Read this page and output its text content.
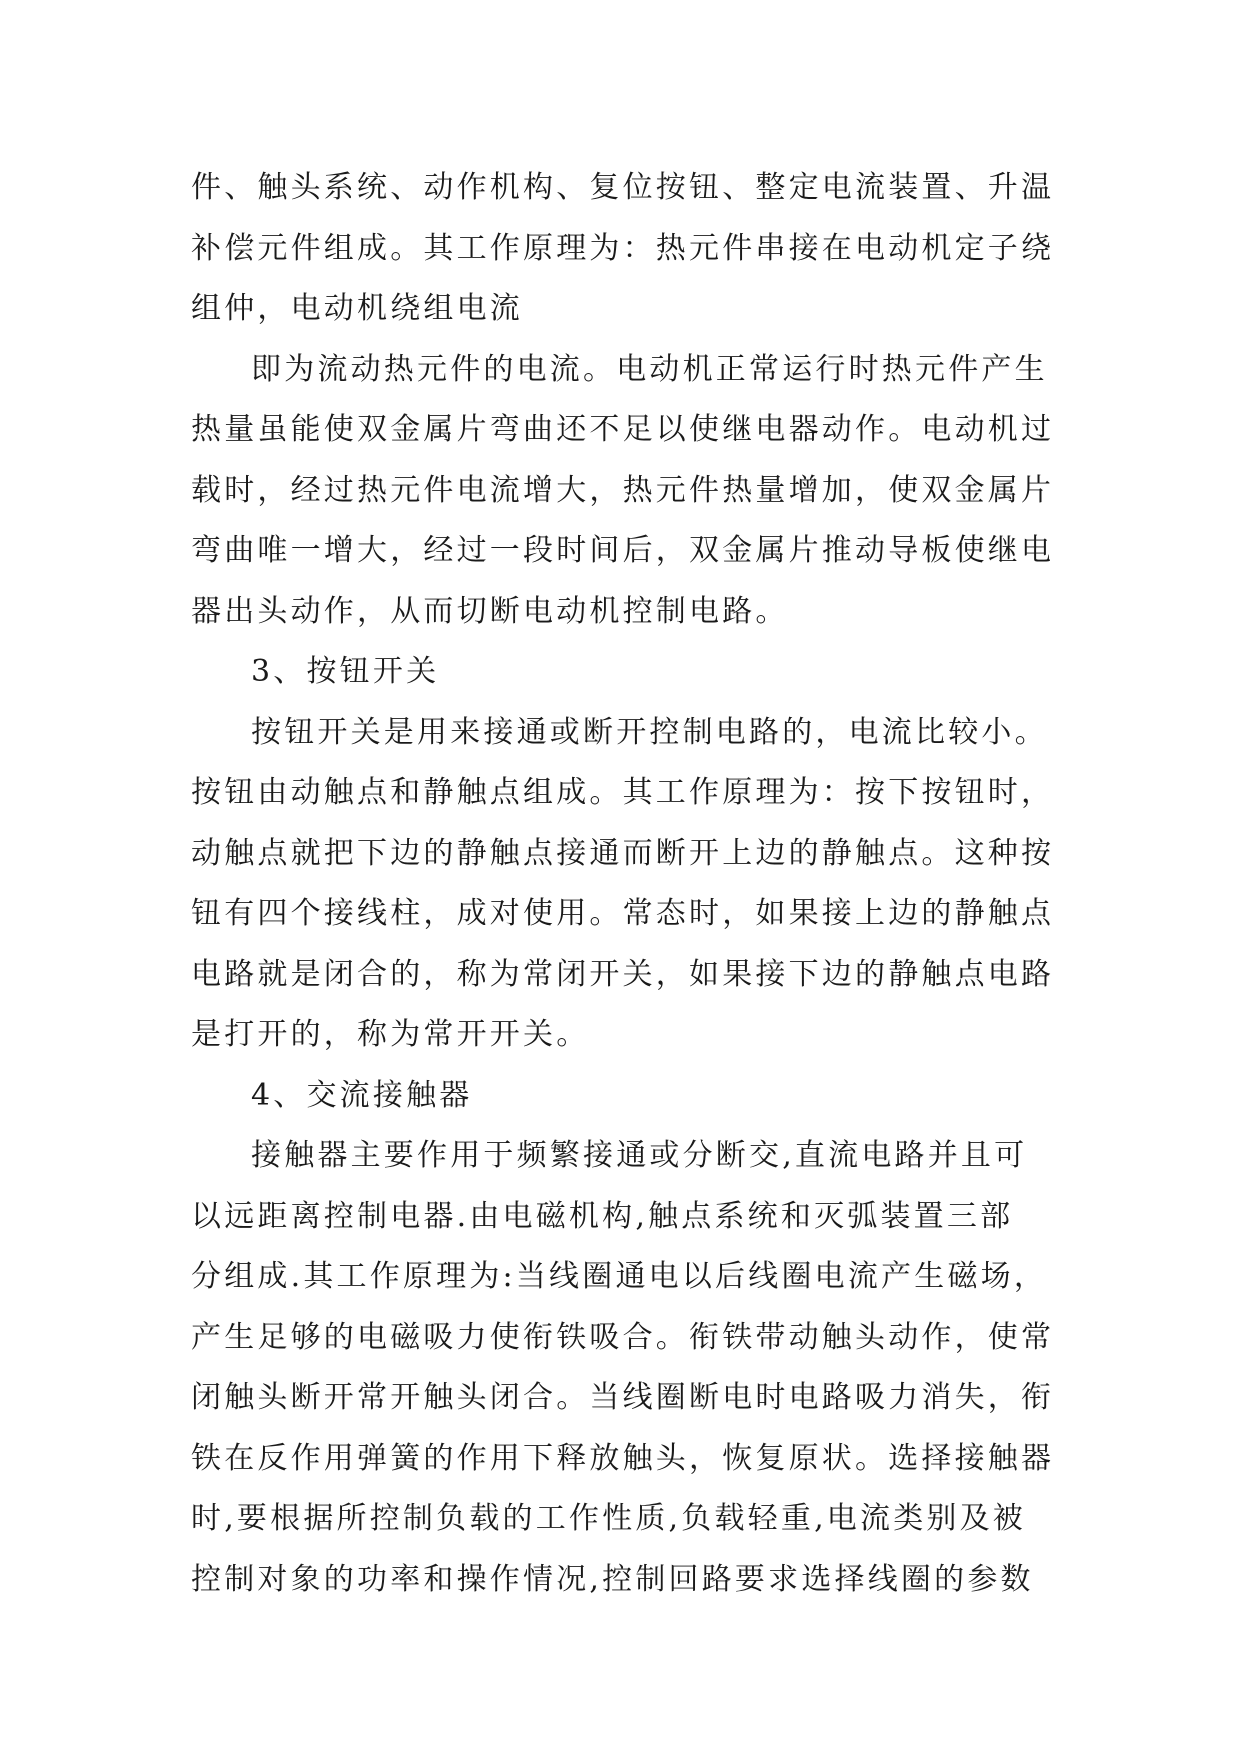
件、触头系统、动作机构、复位按钮、整定电流装置、升温
补偿元件组成。其工作原理为：热元件串接在电动机定子绕
组仲，电动机绕组电流
即为流动热元件的电流。电动机正常运行时热元件产生
热量虽能使双金属片弯曲还不足以使继电器动作。电动机过
载时，经过热元件电流增大，热元件热量增加，使双金属片
弯曲唯一增大，经过一段时间后，双金属片推动导板使继电
器出头动作，从而切断电动机控制电路。
3、按钮开关
按钮开关是用来接通或断开控制电路的，电流比较小。
按钮由动触点和静触点组成。其工作原理为：按下按钮时，
动触点就把下边的静触点接通而断开上边的静触点。这种按
钮有四个接线柱，成对使用。常态时，如果接上边的静触点
电路就是闭合的，称为常闭开关，如果接下边的静触点电路
是打开的，称为常开开关。
4、交流接触器
接触器主要作用于频繁接通或分断交,直流电路并且可
以远距离控制电器.由电磁机构,触点系统和灭弧装置三部
分组成.其工作原理为:当线圈通电以后线圈电流产生磁场，
产生足够的电磁吸力使衔铁吸合。衔铁带动触头动作，使常
闭触头断开常开触头闭合。当线圈断电时电路吸力消失，衔
铁在反作用弹簧的作用下释放触头，恢复原状。选择接触器
时,要根据所控制负载的工作性质,负载轻重,电流类别及被
控制对象的功率和操作情况,控制回路要求选择线圈的参数
